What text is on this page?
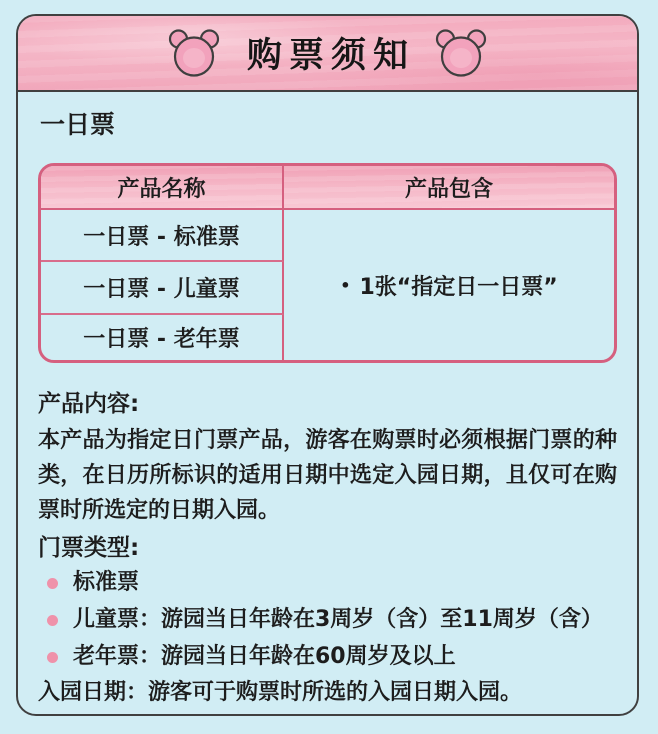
购票须知
一日票
产品名称	产品包含
一日票 - 标准票
• 1张“指定日一日票”
一日票 - 儿童票
一日票 - 老年票
产品内容:
本产品为指定日门票产品，游客在购票时必须根据门票的种类，在日历所标识的适用日期中选定入园日期，且仅可在购票时所选定的日期入园。
门票类型:
标准票
儿童票：游园当日年龄在3周岁（含）至11周岁（含）
老年票：游园当日年龄在60周岁及以上
入园日期：游客可于购票时所选的入园日期入园。
